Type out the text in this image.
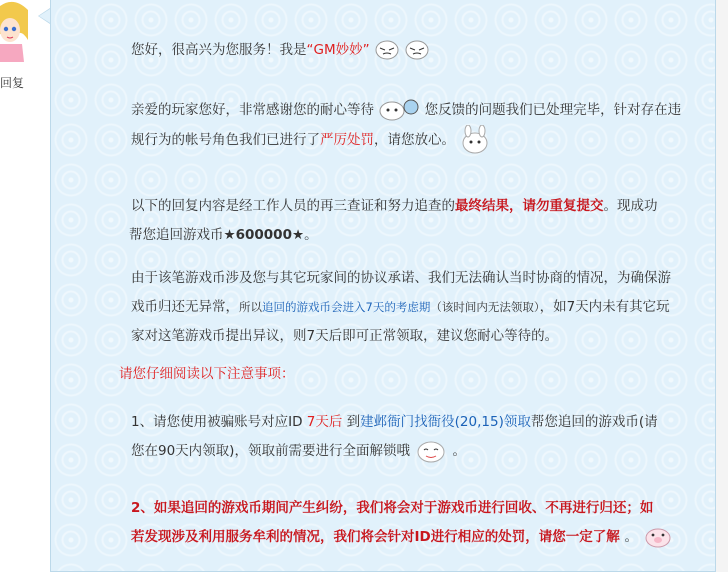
回复

您好，很高兴为您服务！我是“GM妙妙”

亲爱的玩家您好，非常感谢您的耐心等待	您反馈的问题我们已处理完毕，针对存在违
规行为的帐号角色我们已进行了严厉处罚，请您放心。

以下的回复内容是经工作人员的再三查证和努力追查的最终结果，请勿重复提交。现成功
帮您追回游戏币★600000★。

由于该笔游戏币涉及您与其它玩家间的协议承诺、我们无法确认当时协商的情况，为确保游
戏币归还无异常，所以追回的游戏币会进入7天的考虑期（该时间内无法领取），如7天内未有其它玩
家对这笔游戏币提出异议，则7天后即可正常领取，建议您耐心等待的。

请您仔细阅读以下注意事项：

1、请您使用被骗账号对应ID 7天后 到建邺衙门找衙役(20,15)领取帮您追回的游戏币(请
您在90天内领取)，领取前需要进行全面解锁哦	。

2、如果追回的游戏币期间产生纠纷，我们将会对于游戏币进行回收、不再进行归还；如
若发现涉及利用服务牟利的情况，我们将会针对ID进行相应的处罚，请您一定了解 。
